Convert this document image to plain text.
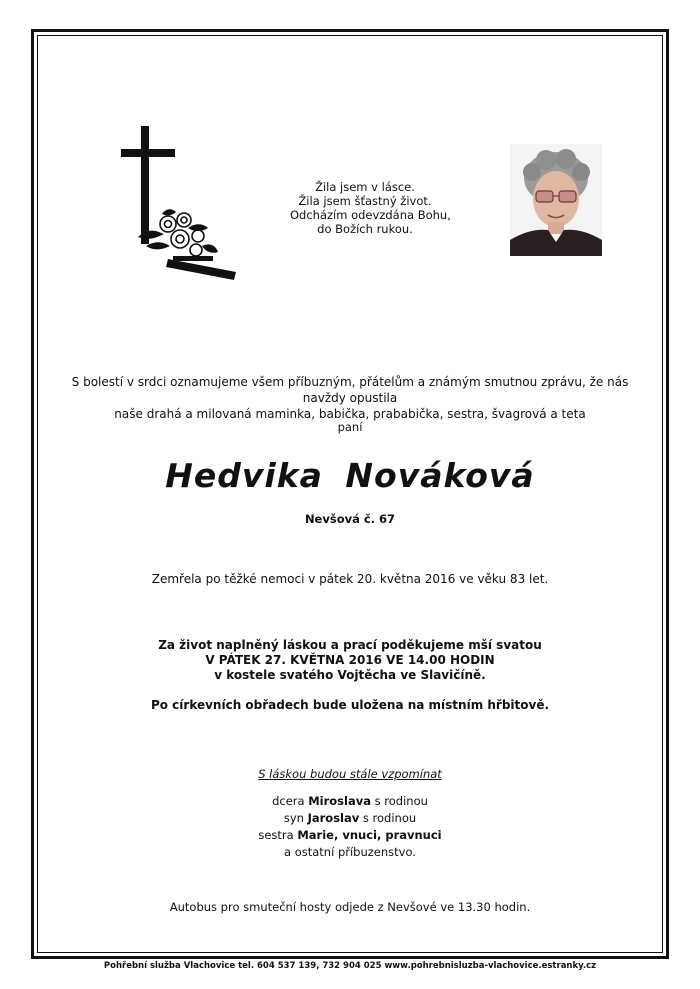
Žila jsem v lásce.
Žila jsem šťastný život.
Odcházím odevzdána Bohu,
do Božích rukou.
S bolestí v srdci oznamujeme všem příbuzným, přátelům a známým smutnou zprávu, že nás navždy opustila
naše drahá a milovaná maminka, babička, prababička, sestra, švagrová a teta
paní
Hedvika Nováková
Nevšová č. 67
Zemřela po těžké nemoci v pátek 20. května 2016 ve věku 83 let.
Za život naplněný láskou a prací poděkujeme mší svatou
V PÁTEK 27. KVĚTNA 2016 VE 14.00 HODIN
v kostele svatého Vojtěcha ve Slavičíně.
Po církevních obřadech bude uložena na místním hřbitově.
S láskou budou stále vzpomínat
dcera Miroslava s rodinou
syn Jaroslav s rodinou
sestra Marie, vnuci, pravnuci
a ostatní příbuzenstvo.
Autobus pro smuteční hosty odjede z Nevšové ve 13.30 hodin.
Pohřební služba Vlachovice tel. 604 537 139, 732 904 025 www.pohrebnisluzba-vlachovice.estranky.cz
